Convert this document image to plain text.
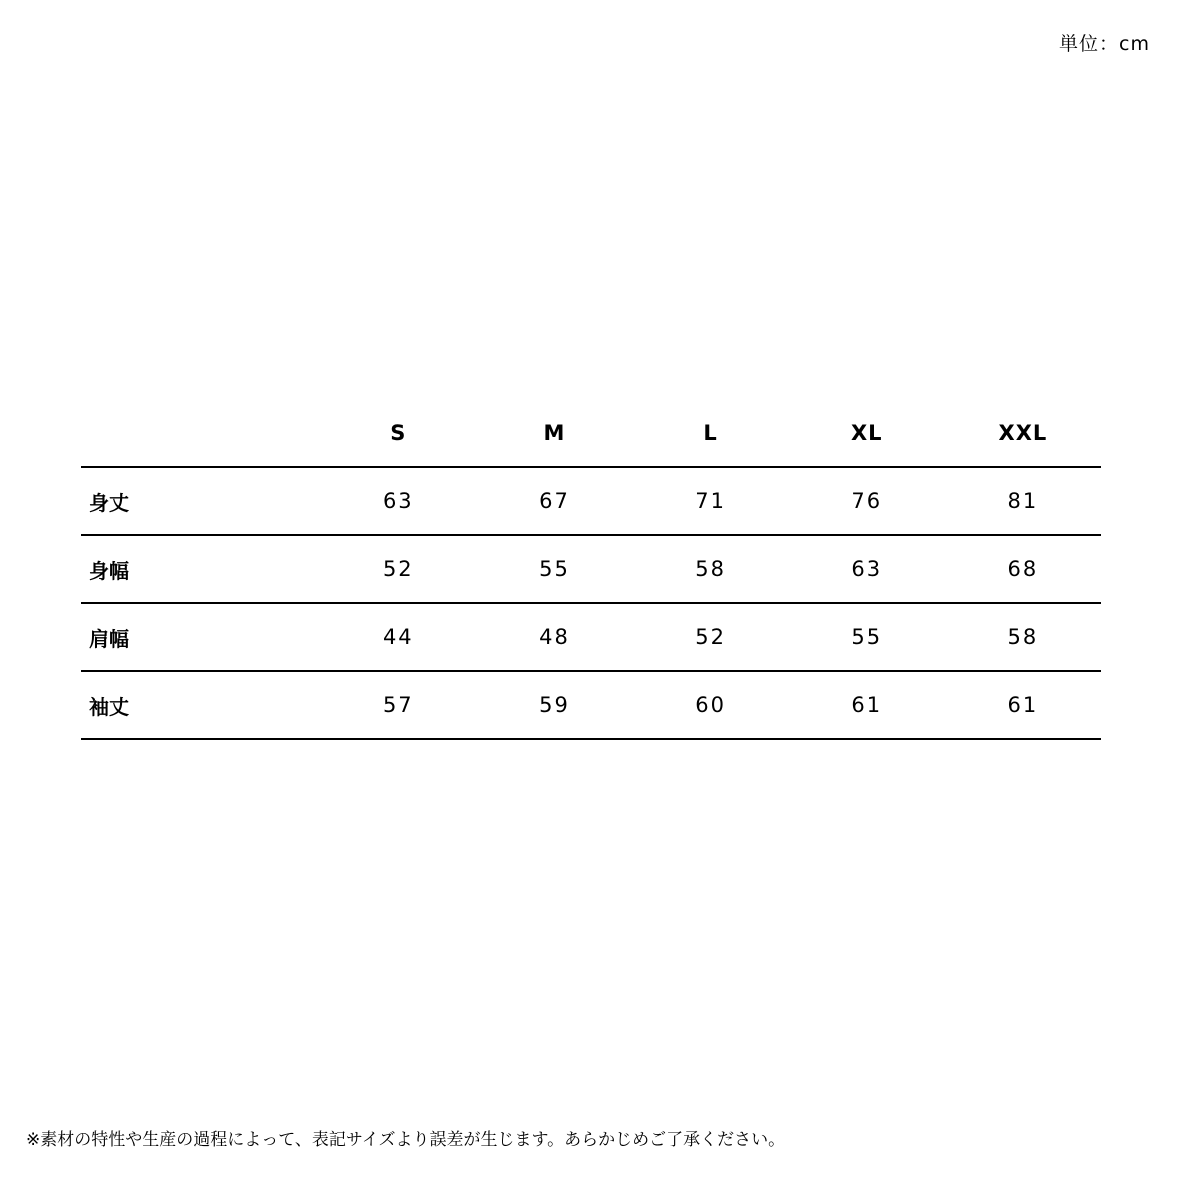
単位：cm
	S	M	L	XL	XXL
身丈	63	67	71	76	81
身幅	52	55	58	63	68
肩幅	44	48	52	55	58
袖丈	57	59	60	61	61
※素材の特性や生産の過程によって、表記サイズより誤差が生じます。あらかじめご了承ください。
